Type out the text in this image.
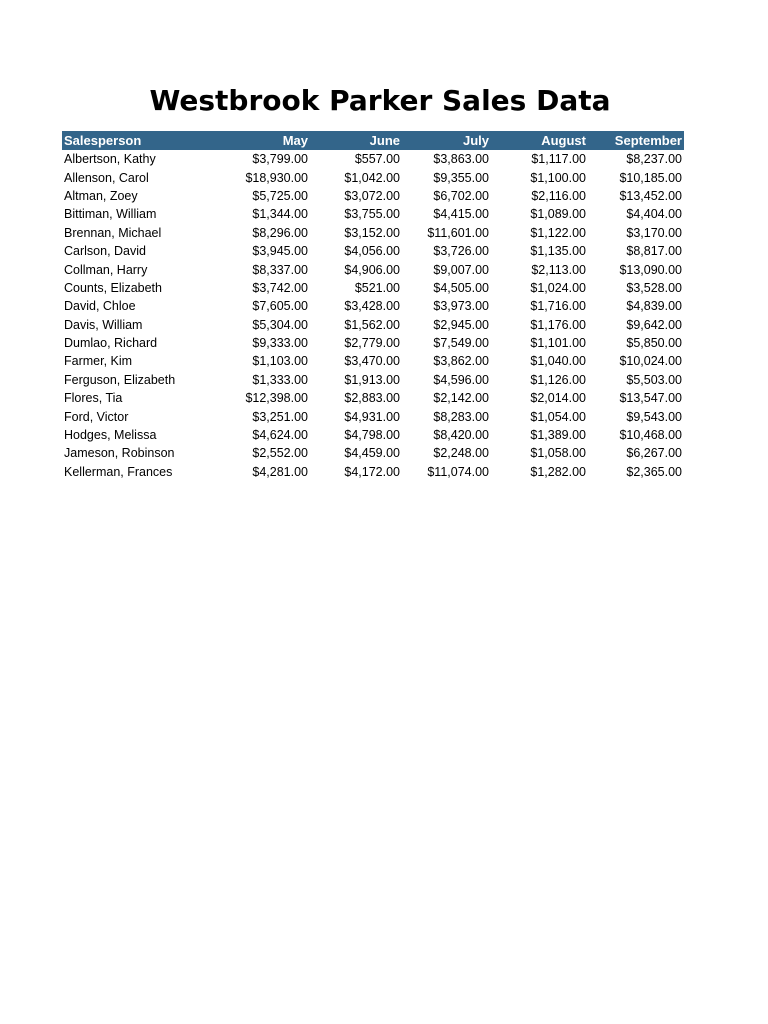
Westbrook Parker Sales Data
Salesperson	May	June	July	August	September
Albertson, Kathy	$3,799.00	$557.00	$3,863.00	$1,117.00	$8,237.00
Allenson, Carol	$18,930.00	$1,042.00	$9,355.00	$1,100.00	$10,185.00
Altman, Zoey	$5,725.00	$3,072.00	$6,702.00	$2,116.00	$13,452.00
Bittiman, William	$1,344.00	$3,755.00	$4,415.00	$1,089.00	$4,404.00
Brennan, Michael	$8,296.00	$3,152.00	$11,601.00	$1,122.00	$3,170.00
Carlson, David	$3,945.00	$4,056.00	$3,726.00	$1,135.00	$8,817.00
Collman, Harry	$8,337.00	$4,906.00	$9,007.00	$2,113.00	$13,090.00
Counts, Elizabeth	$3,742.00	$521.00	$4,505.00	$1,024.00	$3,528.00
David, Chloe	$7,605.00	$3,428.00	$3,973.00	$1,716.00	$4,839.00
Davis, William	$5,304.00	$1,562.00	$2,945.00	$1,176.00	$9,642.00
Dumlao, Richard	$9,333.00	$2,779.00	$7,549.00	$1,101.00	$5,850.00
Farmer, Kim	$1,103.00	$3,470.00	$3,862.00	$1,040.00	$10,024.00
Ferguson, Elizabeth	$1,333.00	$1,913.00	$4,596.00	$1,126.00	$5,503.00
Flores, Tia	$12,398.00	$2,883.00	$2,142.00	$2,014.00	$13,547.00
Ford, Victor	$3,251.00	$4,931.00	$8,283.00	$1,054.00	$9,543.00
Hodges, Melissa	$4,624.00	$4,798.00	$8,420.00	$1,389.00	$10,468.00
Jameson, Robinson	$2,552.00	$4,459.00	$2,248.00	$1,058.00	$6,267.00
Kellerman, Frances	$4,281.00	$4,172.00	$11,074.00	$1,282.00	$2,365.00
